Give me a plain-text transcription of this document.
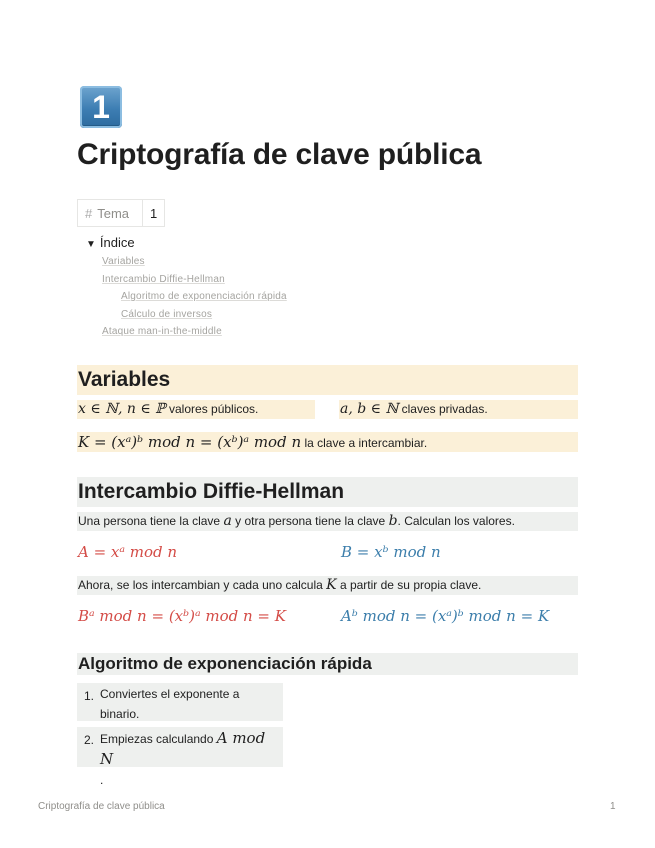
1
Criptografía de clave pública
# Tema	1
▼ Índice
Variables
Intercambio Diffie-Hellman
Algoritmo de exponenciación rápida
Cálculo de inversos
Ataque man-in-the-middle
Variables
x ∈ ℕ, n ∈ ℙ valores públicos.	a, b ∈ ℕ claves privadas.
K = (xᵃ)ᵇ mod n = (xᵇ)ᵃ mod n la clave a intercambiar.
Intercambio Diffie-Hellman
Una persona tiene la clave a y otra persona tiene la clave b. Calculan los valores.
A = xᵃ mod n	B = xᵇ mod n
Ahora, se los intercambian y cada uno calcula K a partir de su propia clave.
Bᵃ mod n = (xᵇ)ᵃ mod n = K	Aᵇ mod n = (xᵃ)ᵇ mod n = K
Algoritmo de exponenciación rápida
1. Conviertes el exponente a binario.
2. Empiezas calculando A mod N
.
Criptografía de clave pública	1
